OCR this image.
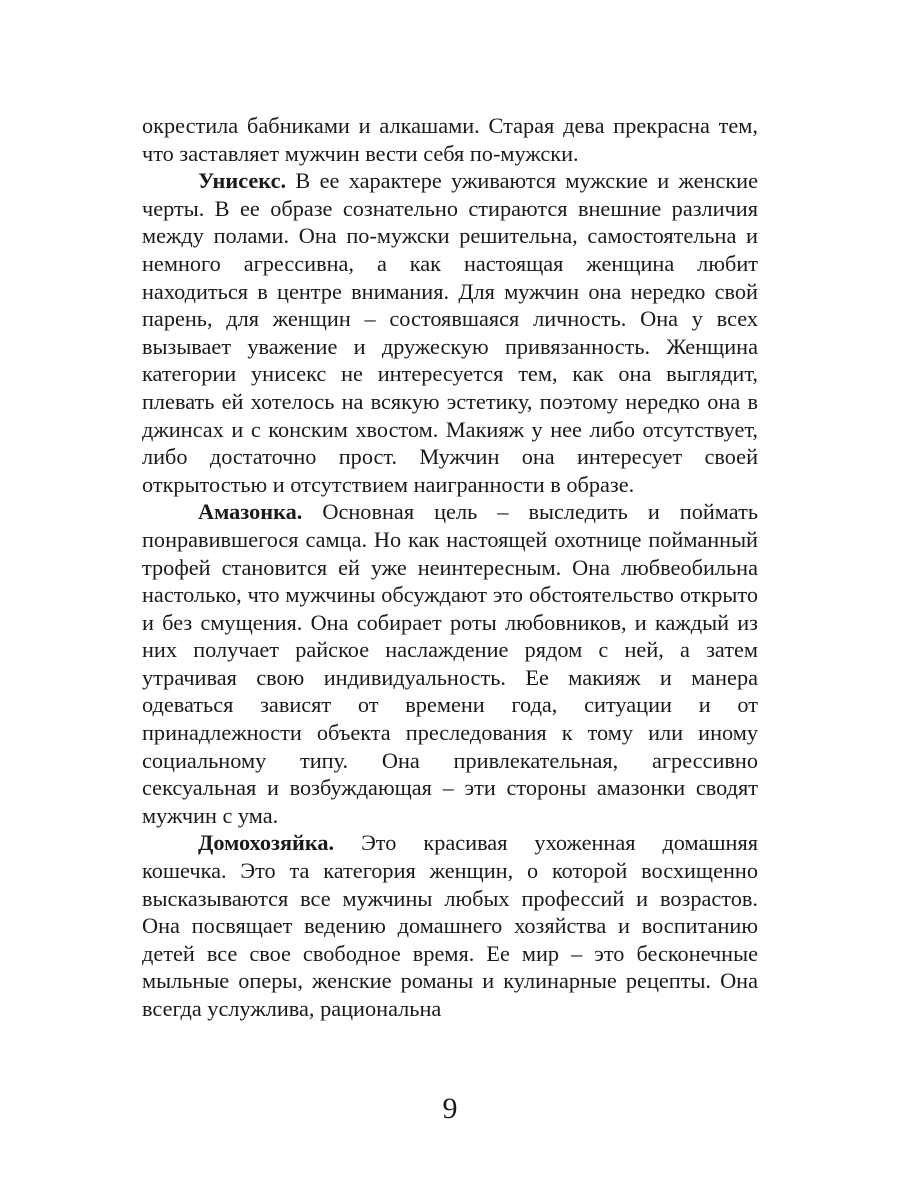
окрестила бабниками и алкашами. Старая дева прекрасна тем, что заставляет мужчин вести себя по-мужски.

Унисекс. В ее характере уживаются мужские и женские черты. В ее образе сознательно стираются внешние различия между полами. Она по-мужски решительна, самостоятельна и немного агрессивна, а как настоящая женщина любит находиться в центре внимания. Для мужчин она нередко свой парень, для женщин – состоявшаяся личность. Она у всех вызывает уважение и дружескую привязанность. Женщина категории унисекс не интересуется тем, как она выглядит, плевать ей хотелось на всякую эстетику, поэтому нередко она в джинсах и с конским хвостом. Макияж у нее либо отсутствует, либо достаточно прост. Мужчин она интересует своей открытостью и отсутствием наигранности в образе.

Амазонка. Основная цель – выследить и поймать понравившегося самца. Но как настоящей охотнице пойманный трофей становится ей уже неинтересным. Она любвеобильна настолько, что мужчины обсуждают это обстоятельство открыто и без смущения. Она собирает роты любовников, и каждый из них получает райское наслаждение рядом с ней, а затем утрачивая свою индивидуальность. Ее макияж и манера одеваться зависят от времени года, ситуации и от принадлежности объекта преследования к тому или иному социальному типу. Она привлекательная, агрессивно сексуальная и возбуждающая – эти стороны амазонки сводят мужчин с ума.

Домохозяйка. Это красивая ухоженная домашняя кошечка. Это та категория женщин, о которой восхищенно высказываются все мужчины любых профессий и возрастов. Она посвящает ведению домашнего хозяйства и воспитанию детей все свое свободное время. Ее мир – это бесконечные мыльные оперы, женские романы и кулинарные рецепты. Она всегда услужлива, рациональна

9
